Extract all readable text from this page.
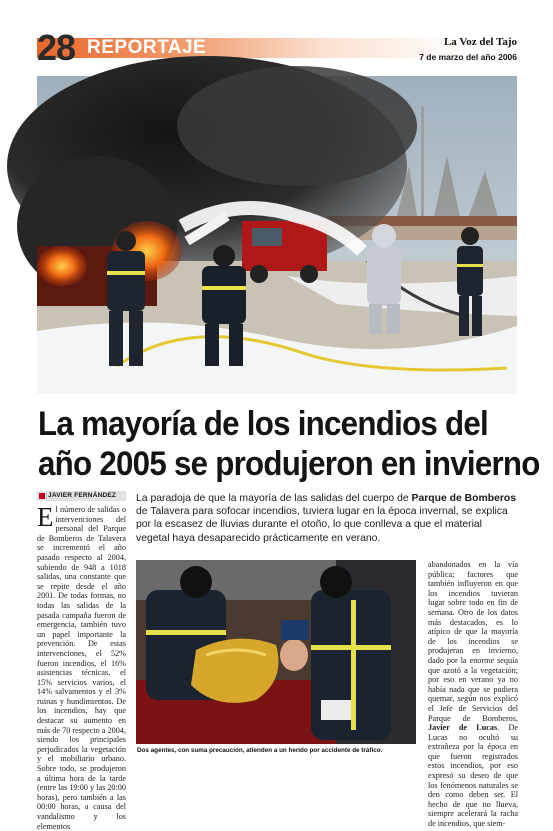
28 REPORTAJE	La Voz del Tajo
7 de marzo del año 2006
La mayoría de los incendios del
año 2005 se produjeron en invierno
JAVIER FERNÁNDEZ La paradoja de que la mayoría de las salidas del cuerpo de Parque de Bomberos de Talavera para sofocar incendios, tuviera lugar en la época invernal, se explica por la escasez de lluvias durante el otoño, lo que conlleva a que el material vegetal haya desaparecido prácticamente en verano.
El número de salidas o intervenciones del personal del Parque de Bomberos de Talavera se incrementó el año pasado respecto al 2004, subiendo de 948 a 1018 salidas, una constante que se repite desde el año 2001. De todas formas, no todas las salidas de la pasada campaña fueron de emergencia, también tuvo un papel importante la prevención. De estas intervenciones, el 52% fueron incendios, el 16% asistencias técnicas, el 15% servicios varios, el 14% salvamentos y el 3% ruinas y hundimientos. De los incendios, hay que destacar su aumento en más de 70 respecto a 2004, siendo los principales perjudicados la vegetación y el mobiliario urbano. Sobre todo, se produjeron a última hora de la tarde (entre las 19:00 y las 20:00 horas), pero también a las 00:00 horas, a causa del vandalismo y los elementos
Dos agentes, con suma precaución, atienden a un herido por accidente de tráfico.
abandonados en la vía pública; factores que también influyeron en que los incendios tuvieran lugar sobre todo en fin de semana. Otro de los datos más destacados, es lo atípico de que la mayoría de los incendios se produjeran en invierno, dado por la enorme sequía que azotó a la vegetación; por eso en verano ya no había nada que se pudiera quemar, según nos explicó el Jefe de Servicios del Parque de Bomberos, Javier de Lucas. De Lucas no ocultó su extrañeza por la época en que fueron registrados estos incendios, por eso expresó su deseo de que los fenómenos naturales se den como deben ser. El hecho de que no llueva, siempre acelerará la racha de incendios, que siem-
